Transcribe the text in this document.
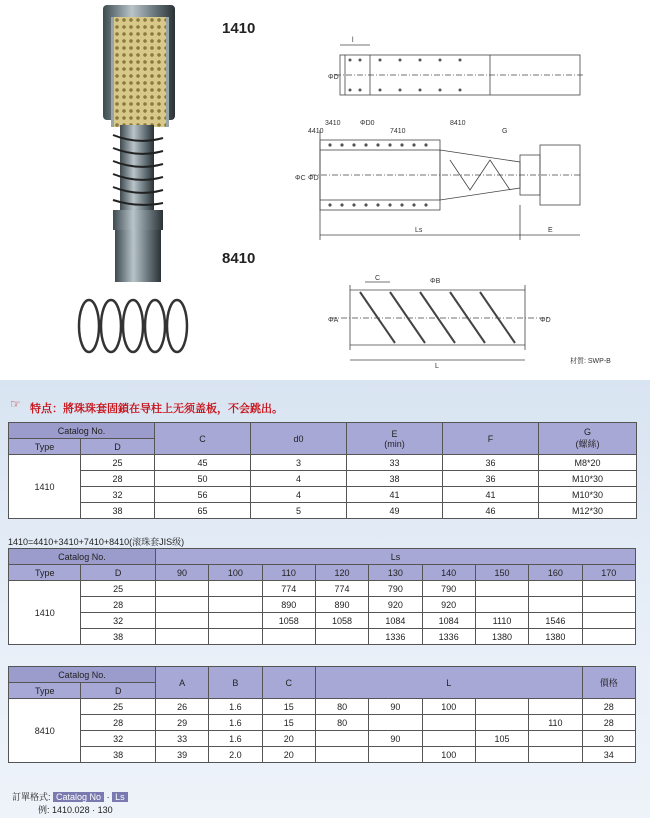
1410
8410
ΦD
l
3410	ΦD0
7410
4410
8410
G
ΦC ΦD
Ls	E
C	ΦB
ΦA	ΦD
L
材質: SWP-B
☞ 特点：將珠珠套固鎖在导柱上无须盖板，不会跳出。
Catalog No.		C	d0	E
(min)	F	G
(螺絲)
Type	D					
1410	25	45	3	33	36	M8*20
	28	50	4	38	36	M10*30
	32	56	4	41	41	M10*30
	38	65	5	49	46	M12*30
1410=4410+3410+7410+8410(滚珠套JIS级)
Catalog No.		Ls								
Type	D	90	100	110	120	130	140	150	160	170
1410	25			774	774	790	790			
	28			890	890	920	920			
	32			1058	1058	1084	1084	1110	1546	
	38					1336	1336	1380	1380	
Catalog No.		A	B	C	L					價格
Type	D									
8410	25	26	1.6	15	80	90	100			28
	28	29	1.6	15	80				110	28
	32	33	1.6	20		90		105		30
	38	39	2.0	20			100			34
訂單格式: Catalog No · Ls
例: 1410.028 · 130
